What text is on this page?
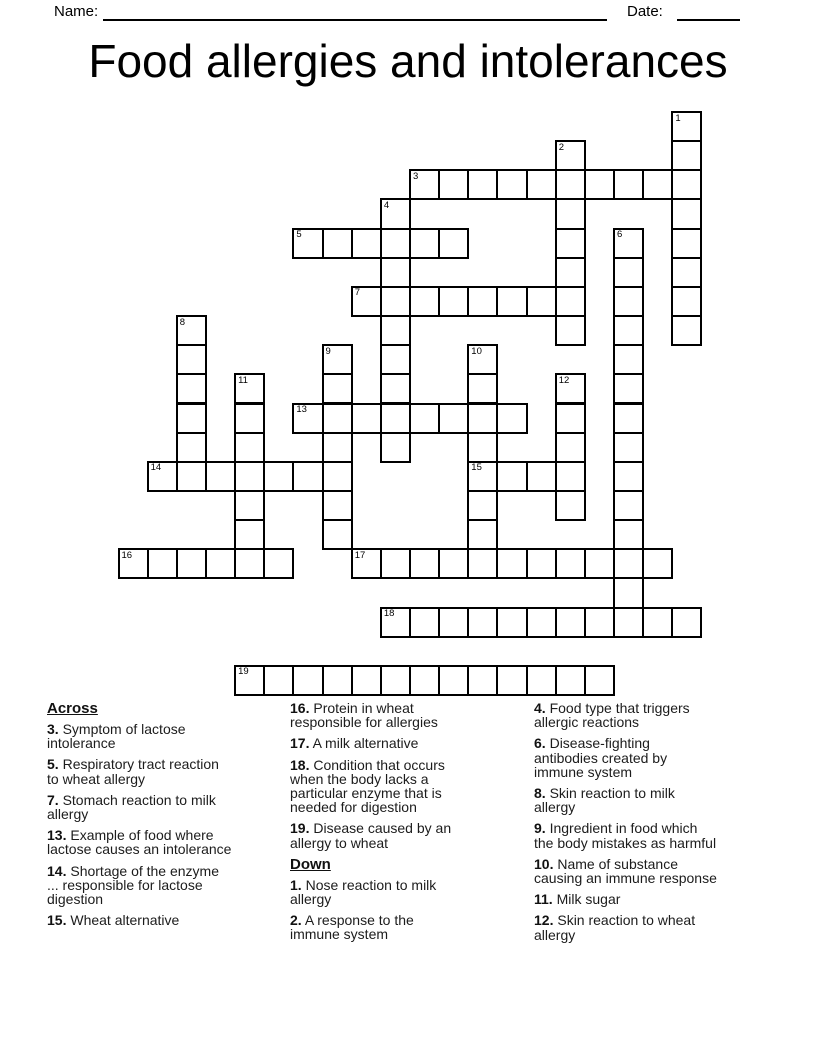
Name:	Date:
Food allergies and intolerances
1
2
3
4
5	6
7
8
9	10
15
11	12
13
14
16	17
18
19
Across
3. Symptom of lactose intolerance
5. Respiratory tract reaction to wheat allergy
7. Stomach reaction to milk allergy
13. Example of food where lactose causes an intolerance
14. Shortage of the enzyme ... responsible for lactose digestion
15. Wheat alternative
16. Protein in wheat responsible for allergies
17. A milk alternative
18. Condition that occurs when the body lacks a particular enzyme that is needed for digestion
19. Disease caused by an allergy to wheat
Down
1. Nose reaction to milk allergy
2. A response to the immune system
4. Food type that triggers allergic reactions
6. Disease-fighting antibodies created by immune system
8. Skin reaction to milk allergy
9. Ingredient in food which the body mistakes as harmful
10. Name of substance causing an immune response
11. Milk sugar
12. Skin reaction to wheat allergy
